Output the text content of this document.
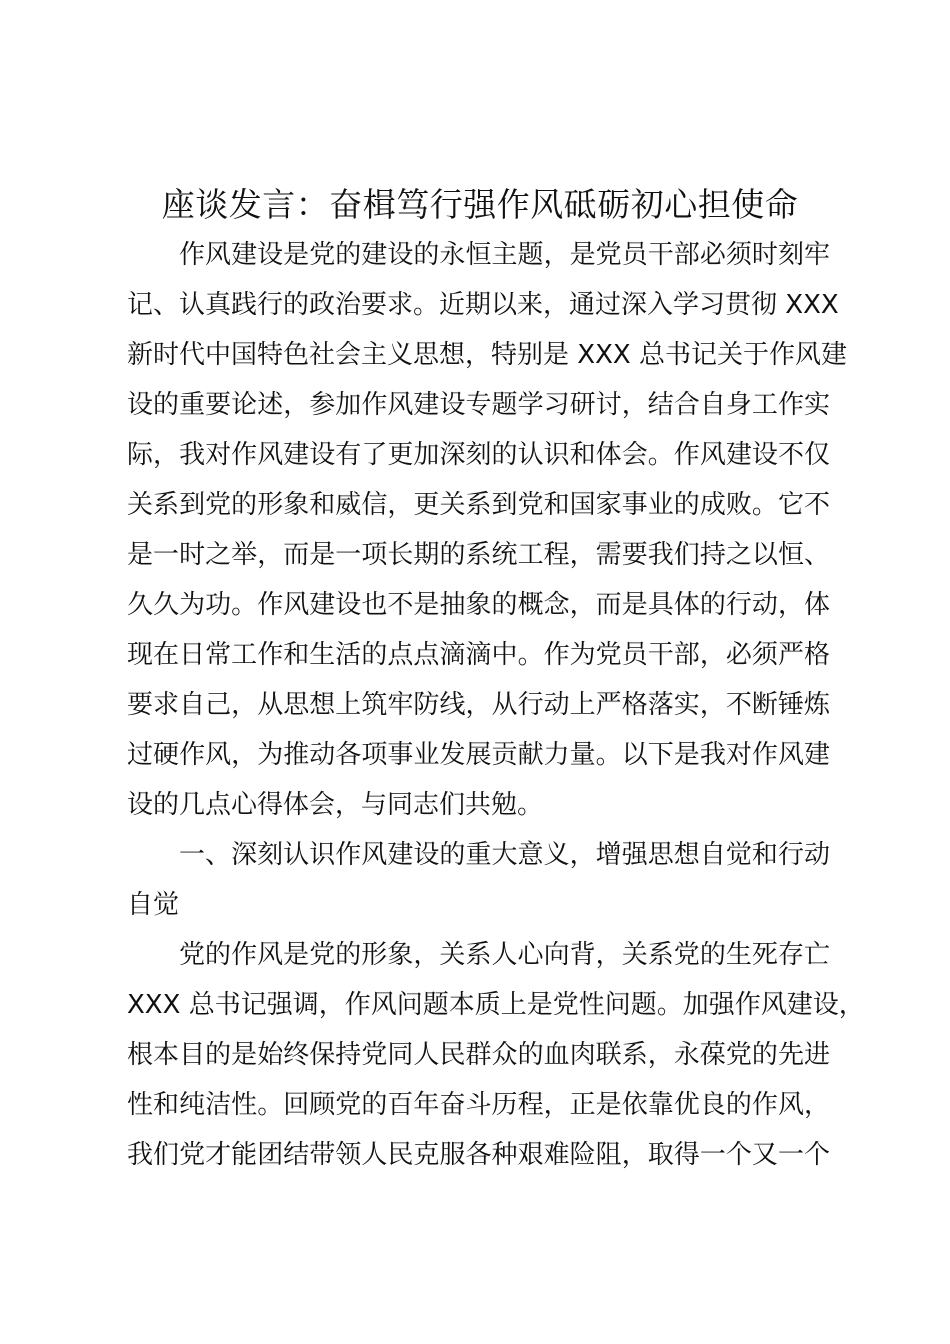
座谈发言：奋楫笃行强作风砥砺初心担使命

作风建设是党的建设的永恒主题，是党员干部必须时刻牢

记、认真践行的政治要求。近期以来，通过深入学习贯彻 XXX

新时代中国特色社会主义思想，特别是 XXX 总书记关于作风建

设的重要论述，参加作风建设专题学习研讨，结合自身工作实

际，我对作风建设有了更加深刻的认识和体会。作风建设不仅

关系到党的形象和威信，更关系到党和国家事业的成败。它不

是一时之举，而是一项长期的系统工程，需要我们持之以恒、

久久为功。作风建设也不是抽象的概念，而是具体的行动，体

现在日常工作和生活的点点滴滴中。作为党员干部，必须严格

要求自己，从思想上筑牢防线，从行动上严格落实，不断锤炼

过硬作风，为推动各项事业发展贡献力量。以下是我对作风建

设的几点心得体会，与同志们共勉。

一、深刻认识作风建设的重大意义，增强思想自觉和行动

自觉

党的作风是党的形象，关系人心向背，关系党的生死存亡

XXX 总书记强调，作风问题本质上是党性问题。加强作风建设，

根本目的是始终保持党同人民群众的血肉联系，永葆党的先进

性和纯洁性。回顾党的百年奋斗历程，正是依靠优良的作风，

我们党才能团结带领人民克服各种艰难险阻，取得一个又一个
